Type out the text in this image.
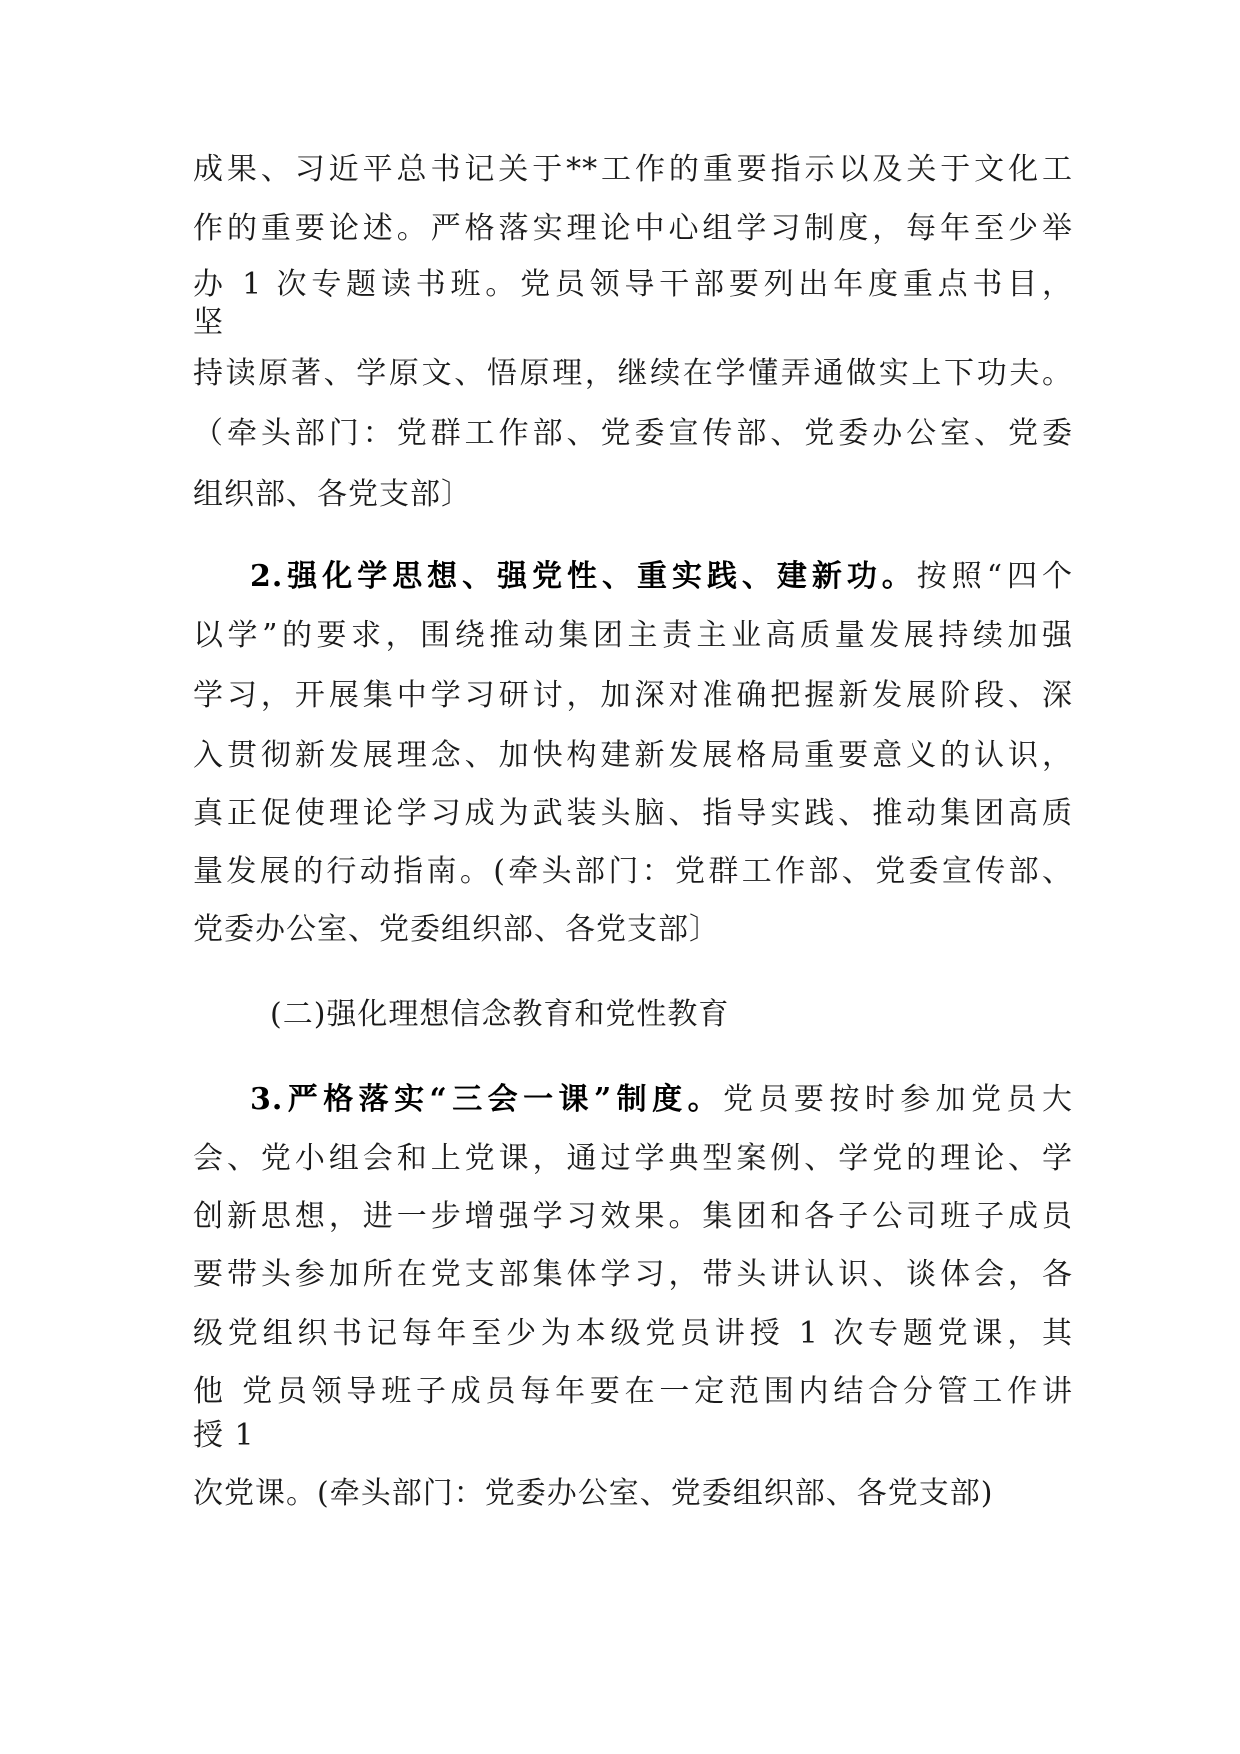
成果、习近平总书记关于**工作的重要指示以及关于文化工
作的重要论述。严格落实理论中心组学习制度，每年至少举
办 1 次专题读书班。党员领导干部要列出年度重点书目，
坚
持读原著、学原文、悟原理，继续在学懂弄通做实上下功夫。
（牵头部门：党群工作部、党委宣传部、党委办公室、党委
组织部、各党支部〕
2.强化学思想、强党性、重实践、建新功。按照“四个
以学”的要求，围绕推动集团主责主业高质量发展持续加强
学习，开展集中学习研讨，加深对准确把握新发展阶段、深
入贯彻新发展理念、加快构建新发展格局重要意义的认识，
真正促使理论学习成为武装头脑、指导实践、推动集团高质
量发展的行动指南。(牵头部门：党群工作部、党委宣传部、
党委办公室、党委组织部、各党支部〕
(二)强化理想信念教育和党性教育
3.严格落实“三会一课”制度。党员要按时参加党员大
会、党小组会和上党课，通过学典型案例、学党的理论、学
创新思想，进一步增强学习效果。集团和各子公司班子成员
要带头参加所在党支部集体学习，带头讲认识、谈体会，各
级党组织书记每年至少为本级党员讲授 1 次专题党课，其
他 党员领导班子成员每年要在一定范围内结合分管工作讲
授 1
次党课。(牵头部门：党委办公室、党委组织部、各党支部)
